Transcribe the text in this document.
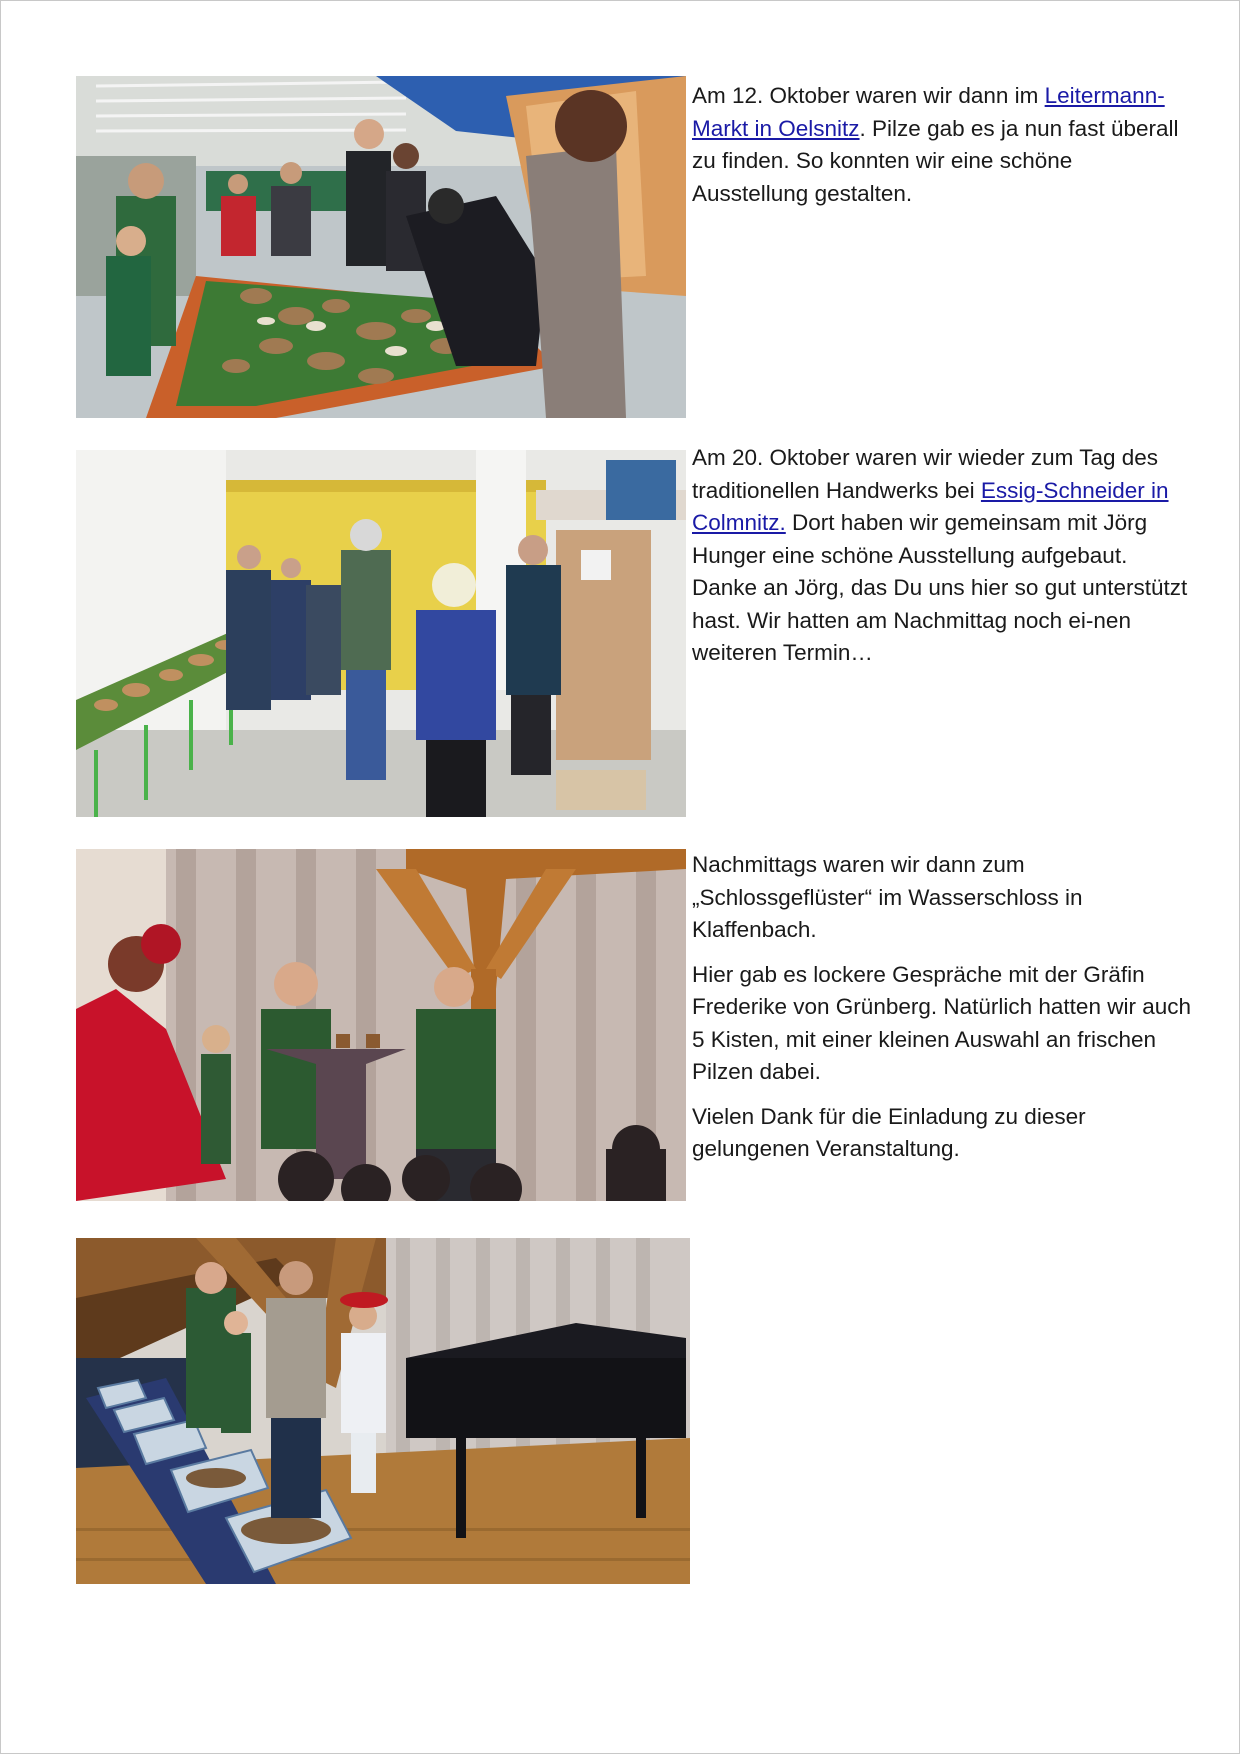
Am 12. Oktober waren wir dann im Leitermann-Markt in Oelsnitz. Pilze gab es ja nun fast überall zu finden. So konnten wir eine schöne Ausstellung gestalten.

Am 20. Oktober waren wir wieder zum Tag des traditionellen Handwerks bei Essig-Schneider in Colmnitz. Dort haben wir gemeinsam mit Jörg Hunger eine schöne Ausstellung aufgebaut. Danke an Jörg, das Du uns hier so gut unterstützt hast. Wir hatten am Nachmittag noch ei-nen weiteren Termin…

Nachmittags waren wir dann zum „Schlossgeflüster“ im Wasserschloss in Klaffenbach.

Hier gab es lockere Gespräche mit der Gräfin Frederike von Grünberg. Natürlich hatten wir auch 5 Kisten, mit einer kleinen Auswahl an frischen Pilzen dabei.

Vielen Dank für die Einladung zu dieser gelungenen Veranstaltung.
